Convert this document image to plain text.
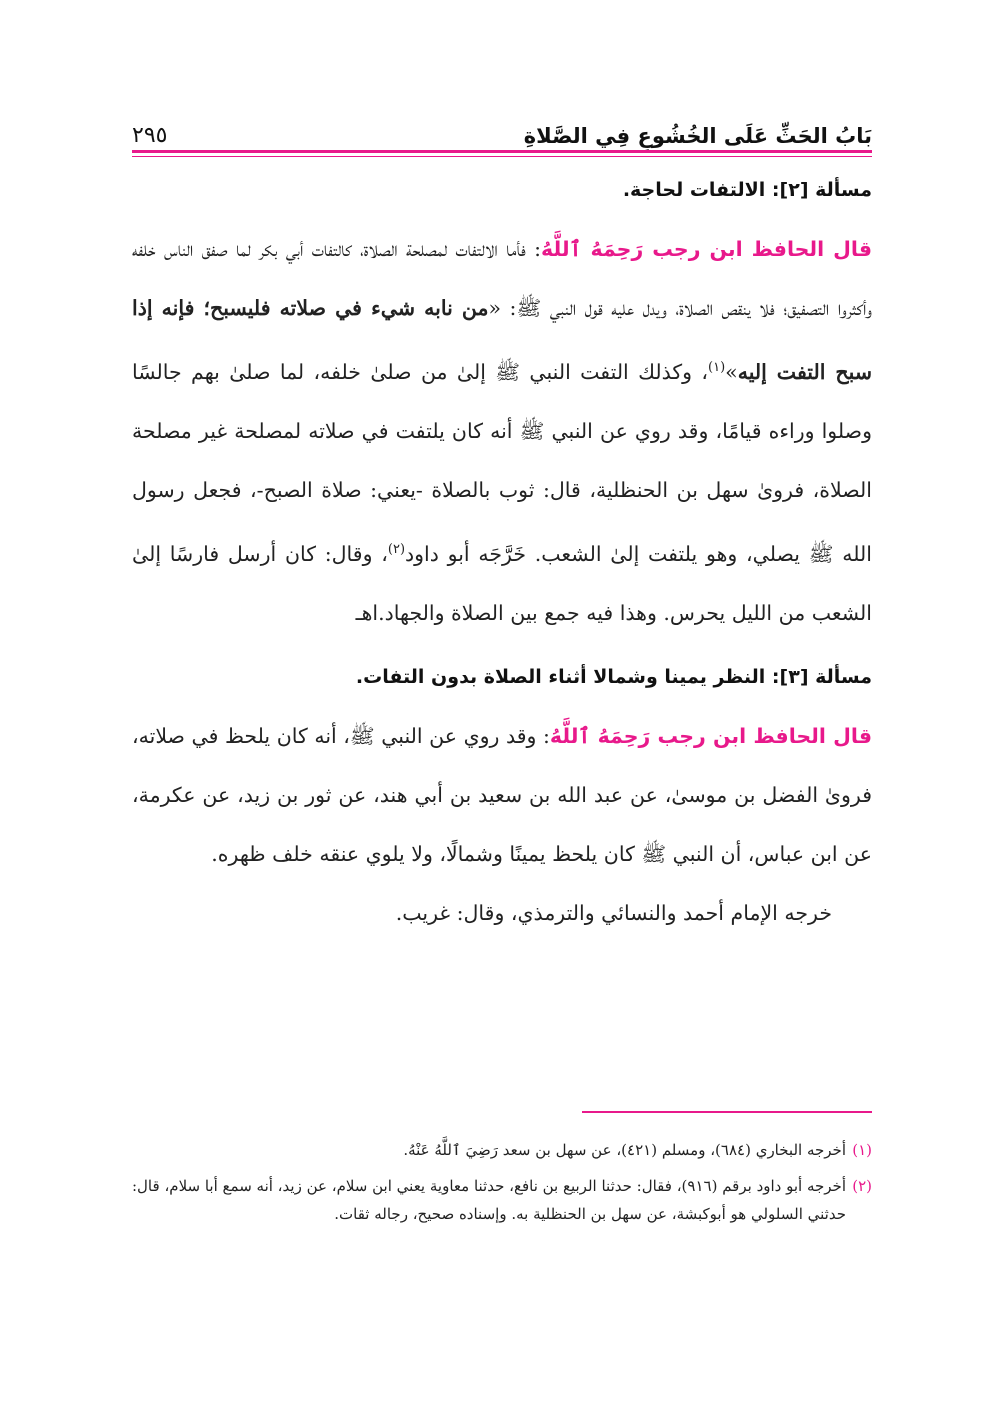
بَابُ الحَثِّ عَلَى الخُشُوعِ فِي الصَّلاةِ
٢٩٥
مسألة [٢]: الالتفات لحاجة.

قال الحافظ ابن رجب رَحِمَهُ ٱللَّهُ: فأما الالتفات لمصلحة الصلاة، كالتفات أبي بكر لما صفق الناس خلفه وأكثروا التصفيق؛ فلا ينقص الصلاة، ويدل عليه قول النبي ﷺ: «من نابه شيء في صلاته فليسبح؛ فإنه إذا سبح التفت إليه»$^{(١)}$، وكذلك التفت النبي ﷺ إلىٰ من صلىٰ خلفه، لما صلىٰ بهم جالسًا وصلوا وراءه قيامًا، وقد روي عن النبي ﷺ أنه كان يلتفت في صلاته لمصلحة غير مصلحة الصلاة، فروىٰ سهل بن الحنظلية، قال: ثوب بالصلاة -يعني: صلاة الصبح-، فجعل رسول الله ﷺ يصلي، وهو يلتفت إلىٰ الشعب. خَرَّجَه أبو داود$^{(٢)}$، وقال: كان أرسل فارسًا إلىٰ الشعب من الليل يحرس. وهذا فيه جمع بين الصلاة والجهاد.اهـ

مسألة [٣]: النظر يمينا وشمالا أثناء الصلاة بدون التفات.

قال الحافظ ابن رجب رَحِمَهُ ٱللَّهُ: وقد روي عن النبي ﷺ، أنه كان يلحظ في صلاته، فروىٰ الفضل بن موسىٰ، عن عبد الله بن سعيد بن أبي هند، عن ثور بن زيد، عن عكرمة، عن ابن عباس، أن النبي ﷺ كان يلحظ يمينًا وشمالًا، ولا يلوي عنقه خلف ظهره.

خرجه الإمام أحمد والنسائي والترمذي، وقال: غريب.

(١)
أخرجه البخاري (٦٨٤)، ومسلم (٤٢١)، عن سهل بن سعد رَضِيَ ٱللَّهُ عَنْهُ.

(٢)
أخرجه أبو داود برقم (٩١٦)، فقال: حدثنا الربيع بن نافع، حدثنا معاوية يعني ابن سلام، عن زيد، أنه سمع أبا سلام، قال: حدثني السلولي هو أبوكبشة، عن سهل بن الحنظلية به. وإسناده صحيح، رجاله ثقات.
